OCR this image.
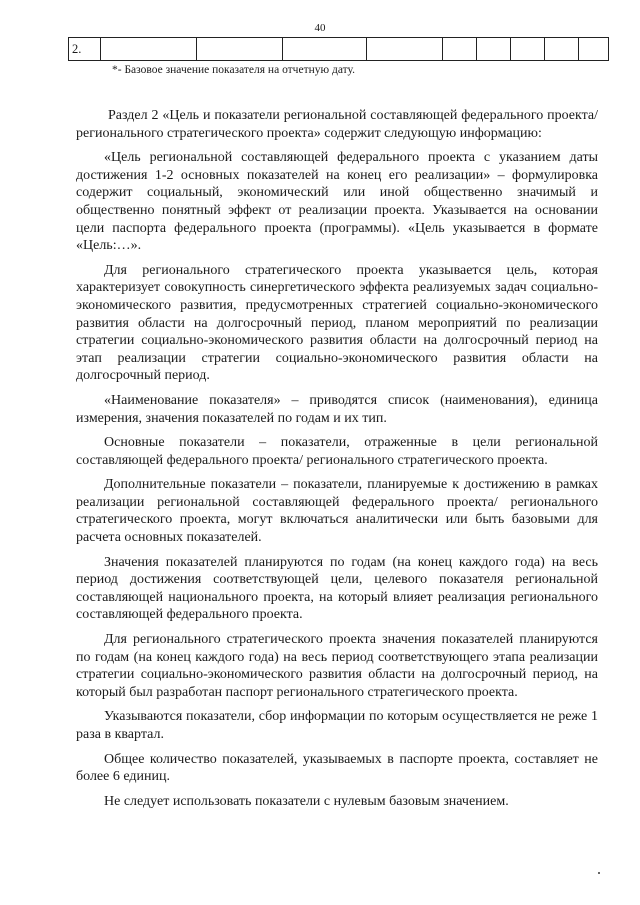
40
2.									
*- Базовое значение показателя на отчетную дату.

Раздел 2 «Цель и показатели региональной составляющей федерального проекта/ регионального стратегического проекта» содержит следующую информацию:

«Цель региональной составляющей федерального проекта с указанием даты достижения 1-2 основных показателей на конец его реализации» – формулировка содержит социальный, экономический или иной общественно значимый и общественно понятный эффект от реализации проекта. Указывается на основании цели паспорта федерального проекта (программы). «Цель указывается в формате «Цель:…».

Для регионального стратегического проекта указывается цель, которая характеризует совокупность синергетического эффекта реализуемых задач социально-экономического развития, предусмотренных стратегией социально-экономического развития области на долгосрочный период, планом мероприятий по реализации стратегии социально-экономического развития области на долгосрочный период на этап реализации стратегии социально-экономического развития области на долгосрочный период.

«Наименование показателя» – приводятся список (наименования), единица измерения, значения показателей по годам и их тип.

Основные показатели – показатели, отраженные в цели региональной составляющей федерального проекта/ регионального стратегического проекта.

Дополнительные показатели – показатели, планируемые к достижению в рамках реализации региональной составляющей федерального проекта/ регионального стратегического проекта, могут включаться аналитически или быть базовыми для расчета основных показателей.

Значения показателей планируются по годам (на конец каждого года) на весь период достижения соответствующей цели, целевого показателя региональной составляющей национального проекта, на который влияет реализация регионального составляющей федерального проекта.

Для регионального стратегического проекта значения показателей планируются по годам (на конец каждого года) на весь период соответствующего этапа реализации стратегии социально-экономического развития области на долгосрочный период, на который был разработан паспорт регионального стратегического проекта.

Указываются показатели, сбор информации по которым осуществляется не реже 1 раза в квартал.

Общее количество показателей, указываемых в паспорте проекта, составляет не более 6 единиц.

Не следует использовать показатели с нулевым базовым значением.
